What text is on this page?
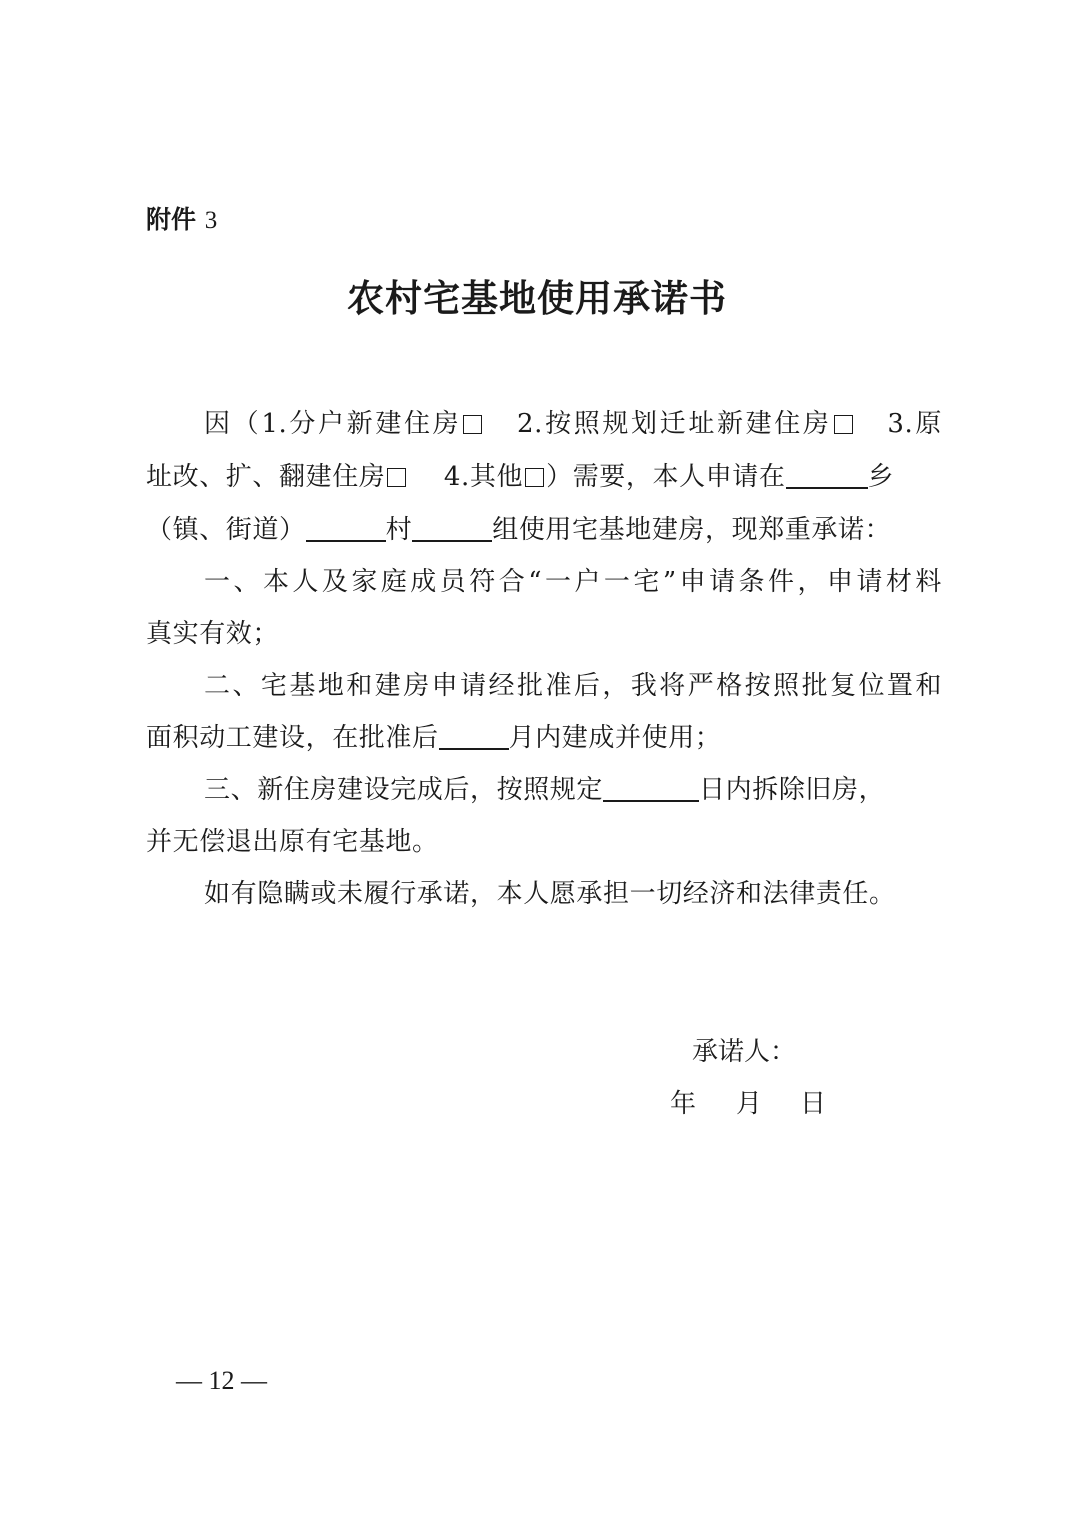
附件 3
农村宅基地使用承诺书
因（1.分户新建住房 2.按照规划迁址新建住房 3.原
址改、扩、翻建住房 4.其他 ）需要，本人申请在	乡
（镇、街道）	村	组使用宅基地建房，现郑重承诺：
一、本人及家庭成员符合“一户一宅”申请条件，申请材料
真实有效；
二、宅基地和建房申请经批准后，我将严格按照批复位置和
面积动工建设，在批准后	月内建成并使用；
三、新住房建设完成后，按照规定	日内拆除旧房，
并无偿退出原有宅基地。
如有隐瞒或未履行承诺，本人愿承担一切经济和法律责任。
承诺人：
年 月 日
— 12 —
